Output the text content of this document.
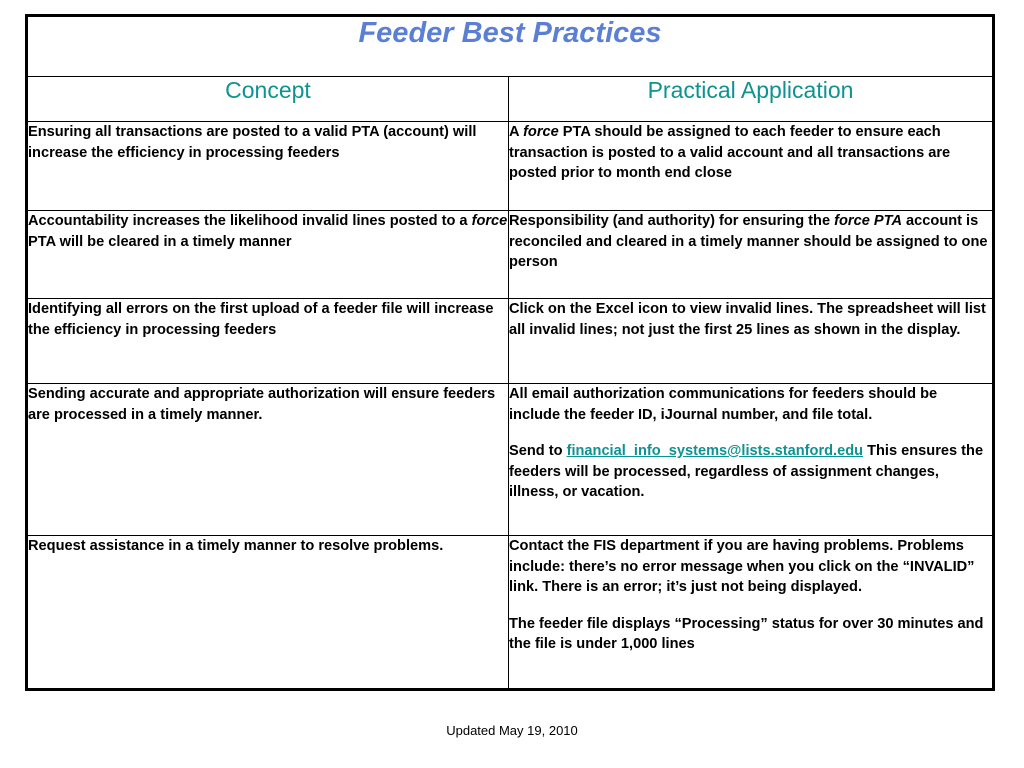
Feeder Best Practices	
Concept	Practical Application
Ensuring all transactions are posted to a valid PTA (account) will increase the efficiency in processing feeders	A force PTA should be assigned to each feeder to ensure each transaction is posted to a valid account and all transactions are posted prior to month end close
Accountability increases the likelihood invalid lines posted to a force PTA will be cleared in a timely manner	Responsibility (and authority) for ensuring the force PTA account is reconciled and cleared in a timely manner should be assigned to one person
Identifying all errors on the first upload of a feeder file will increase the efficiency in processing feeders	Click on the Excel icon to view invalid lines. The spreadsheet will list all invalid lines; not just the first 25 lines as shown in the display.
Sending accurate and appropriate authorization will ensure feeders are processed in a timely manner.	All email authorization communications for feeders should be include the feeder ID, iJournal number, and file total.

Send to financial_info_systems@lists.stanford.edu This ensures the feeders will be processed, regardless of assignment changes, illness, or vacation.

Request assistance in a timely manner to resolve problems.	Contact the FIS department if you are having problems. Problems include: there’s no error message when you click on the “INVALID” link. There is an error; it’s just not being displayed.

The feeder file displays “Processing” status for over 30 minutes and the file is under 1,000 lines

Updated May 19, 2010
